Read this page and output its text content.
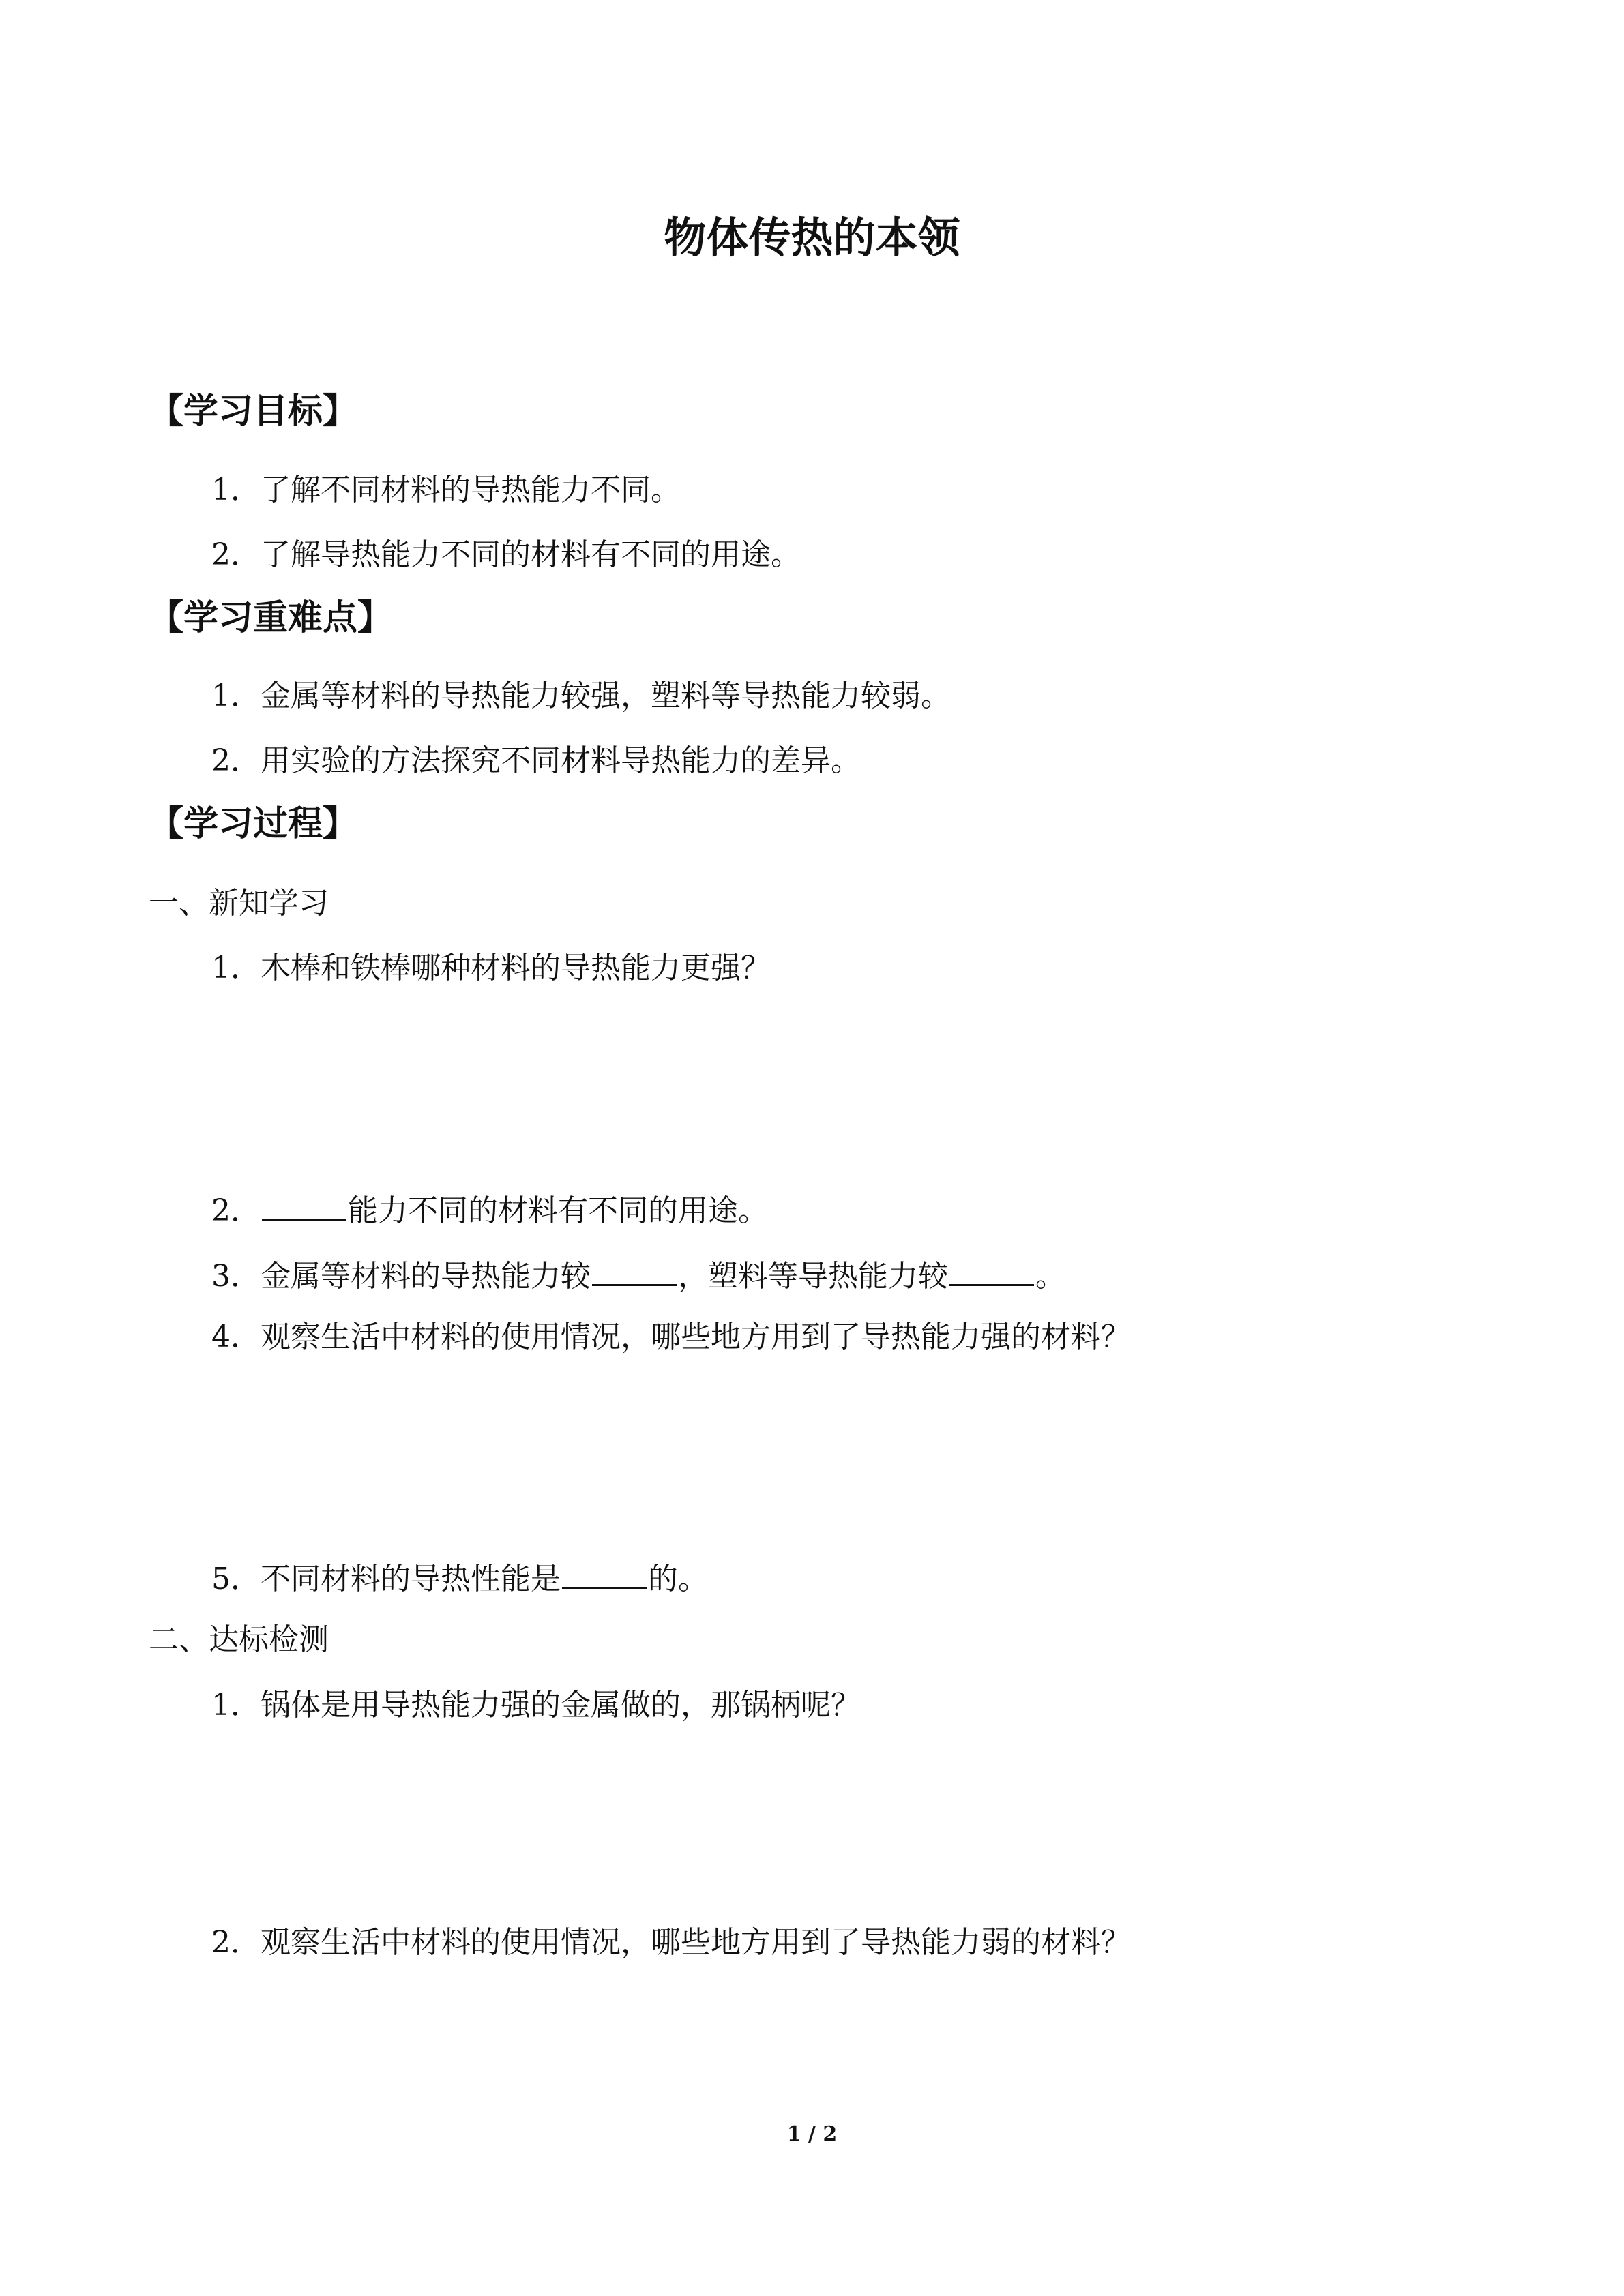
物体传热的本领
【学习目标】
1．了解不同材料的导热能力不同。
2．了解导热能力不同的材料有不同的用途。
【学习重难点】
1．金属等材料的导热能力较强，塑料等导热能力较弱。
2．用实验的方法探究不同材料导热能力的差异。
【学习过程】
一、新知学习
1．木棒和铁棒哪种材料的导热能力更强？
2．	能力不同的材料有不同的用途。
3．金属等材料的导热能力较	，塑料等导热能力较	。
4．观察生活中材料的使用情况，哪些地方用到了导热能力强的材料？
5．不同材料的导热性能是	的。
二、达标检测
1．锅体是用导热能力强的金属做的，那锅柄呢？
2．观察生活中材料的使用情况，哪些地方用到了导热能力弱的材料？
1 / 2
